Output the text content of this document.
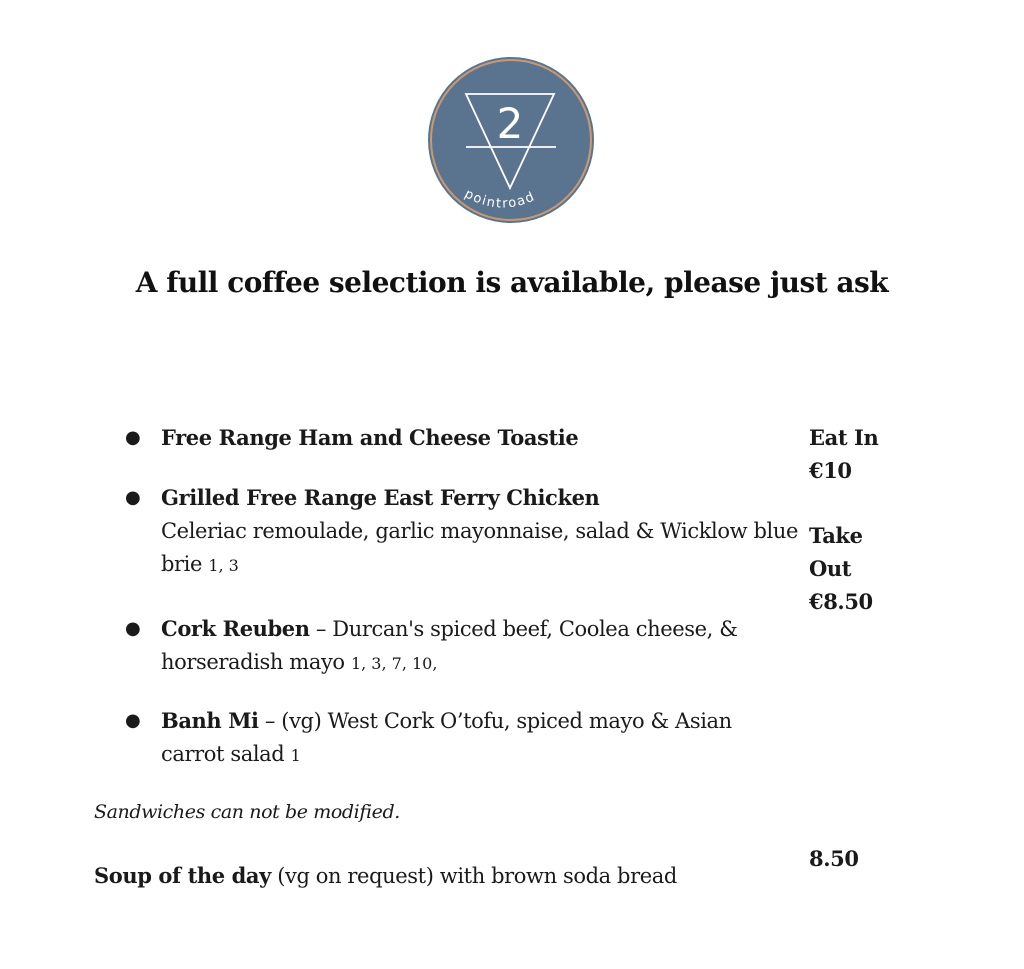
2
pointroad
A full coffee selection is available, please just ask
● Free Range Ham and Cheese Toastie
● Grilled Free Range East Ferry Chicken
Celeriac remoulade, garlic mayonnaise, salad & Wicklow blue brie 1, 3
● Cork Reuben – Durcan's spiced beef, Coolea cheese, & horseradish mayo 1, 3, 7, 10,
● Banh Mi – (vg) West Cork O’tofu, spiced mayo & Asian carrot salad 1
Eat In
€10
Take
Out
€8.50
Sandwiches can not be modified.
Soup of the day (vg on request) with brown soda bread
8.50
